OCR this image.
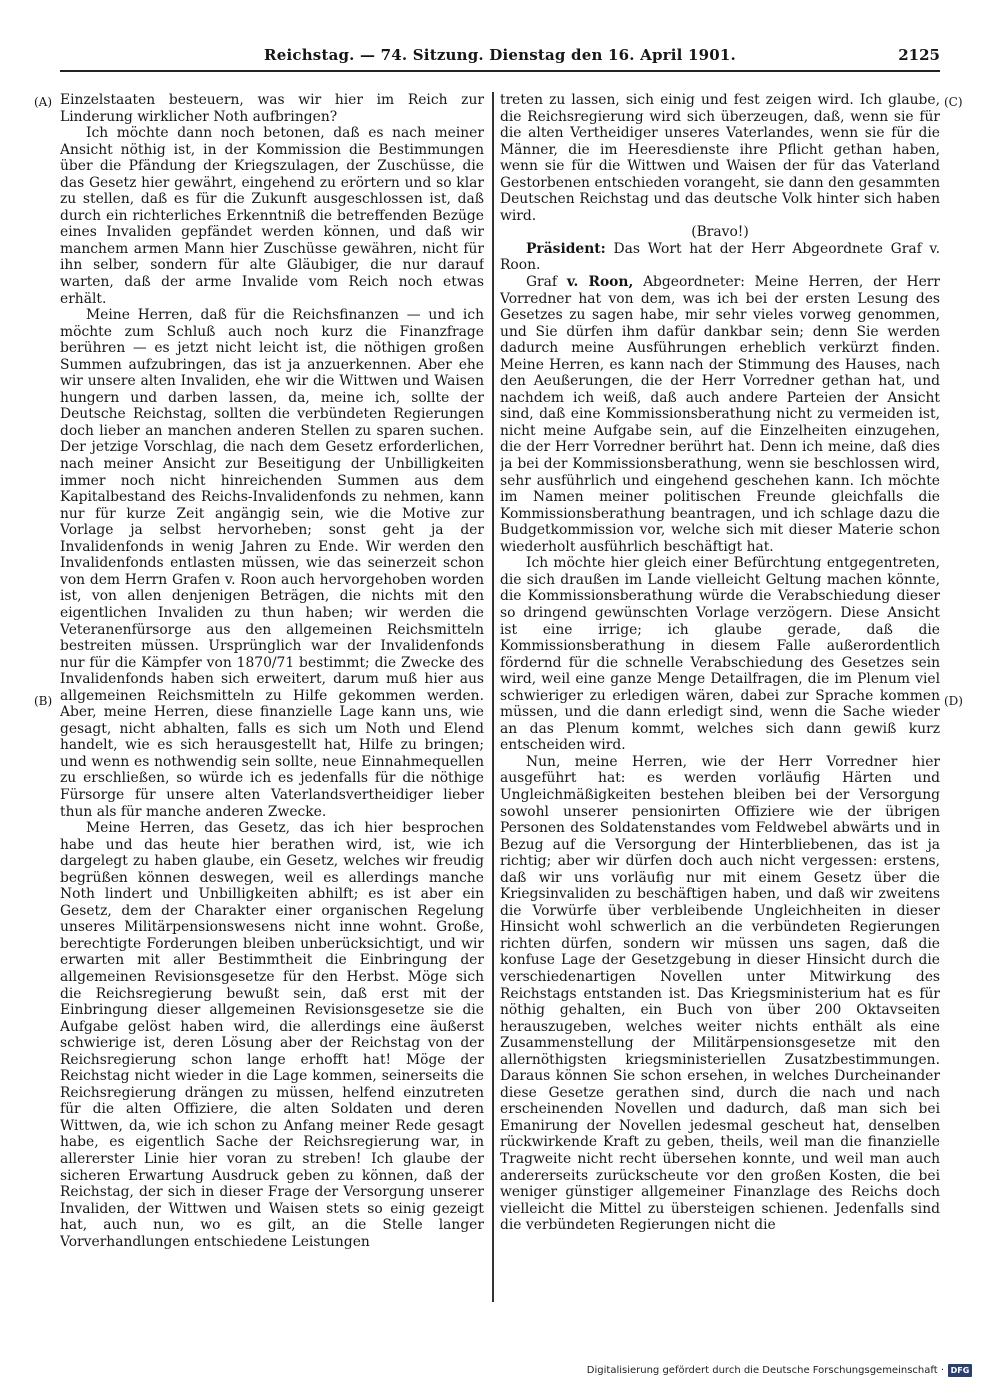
Reichstag. — 74. Sitzung. Dienstag den 16. April 1901.	2125
(A)
(B)
(C)
(D)

Einzelstaaten besteuern, was wir hier im Reich zur Linderung wirklicher Noth aufbringen?

Ich möchte dann noch betonen, daß es nach meiner Ansicht nöthig ist, in der Kommission die Bestimmungen über die Pfändung der Kriegszulagen, der Zuschüsse, die das Gesetz hier gewährt, eingehend zu erörtern und so klar zu stellen, daß es für die Zukunft ausgeschlossen ist, daß durch ein richterliches Erkenntniß die betreffenden Bezüge eines Invaliden gepfändet werden können, und daß wir manchem armen Mann hier Zuschüsse gewähren, nicht für ihn selber, sondern für alte Gläubiger, die nur darauf warten, daß der arme Invalide vom Reich noch etwas erhält.

Meine Herren, daß für die Reichsfinanzen — und ich möchte zum Schluß auch noch kurz die Finanzfrage berühren — es jetzt nicht leicht ist, die nöthigen großen Summen aufzubringen, das ist ja anzuerkennen. Aber ehe wir unsere alten Invaliden, ehe wir die Wittwen und Waisen hungern und darben lassen, da, meine ich, sollte der Deutsche Reichstag, sollten die verbündeten Regierungen doch lieber an manchen anderen Stellen zu sparen suchen. Der jetzige Vorschlag, die nach dem Gesetz erforderlichen, nach meiner Ansicht zur Beseitigung der Unbilligkeiten immer noch nicht hinreichenden Summen aus dem Kapitalbestand des Reichs-Invalidenfonds zu nehmen, kann nur für kurze Zeit angängig sein, wie die Motive zur Vorlage ja selbst hervorheben; sonst geht ja der Invalidenfonds in wenig Jahren zu Ende. Wir werden den Invalidenfonds entlasten müssen, wie das seinerzeit schon von dem Herrn Grafen v. Roon auch hervorgehoben worden ist, von allen denjenigen Beträgen, die nichts mit den eigentlichen Invaliden zu thun haben; wir werden die Veteranenfürsorge aus den allgemeinen Reichsmitteln bestreiten müssen. Ursprünglich war der Invalidenfonds nur für die Kämpfer von 1870/71 bestimmt; die Zwecke des Invalidenfonds haben sich erweitert, darum muß hier aus allgemeinen Reichsmitteln zu Hilfe gekommen werden. Aber, meine Herren, diese finanzielle Lage kann uns, wie gesagt, nicht abhalten, falls es sich um Noth und Elend handelt, wie es sich herausgestellt hat, Hilfe zu bringen; und wenn es nothwendig sein sollte, neue Einnahmequellen zu erschließen, so würde ich es jedenfalls für die nöthige Fürsorge für unsere alten Vaterlandsvertheidiger lieber thun als für manche anderen Zwecke.

Meine Herren, das Gesetz, das ich hier besprochen habe und das heute hier berathen wird, ist, wie ich dargelegt zu haben glaube, ein Gesetz, welches wir freudig begrüßen können deswegen, weil es allerdings manche Noth lindert und Unbilligkeiten abhilft; es ist aber ein Gesetz, dem der Charakter einer organischen Regelung unseres Militärpensionswesens nicht inne wohnt. Große, berechtigte Forderungen bleiben unberücksichtigt, und wir erwarten mit aller Bestimmtheit die Einbringung der allgemeinen Revisionsgesetze für den Herbst. Möge sich die Reichsregierung bewußt sein, daß erst mit der Einbringung dieser allgemeinen Revisionsgesetze sie die Aufgabe gelöst haben wird, die allerdings eine äußerst schwierige ist, deren Lösung aber der Reichstag von der Reichsregierung schon lange erhofft hat! Möge der Reichstag nicht wieder in die Lage kommen, seinerseits die Reichsregierung drängen zu müssen, helfend einzutreten für die alten Offiziere, die alten Soldaten und deren Wittwen, da, wie ich schon zu Anfang meiner Rede gesagt habe, es eigentlich Sache der Reichsregierung war, in allererster Linie hier voran zu streben! Ich glaube der sicheren Erwartung Ausdruck geben zu können, daß der Reichstag, der sich in dieser Frage der Versorgung unserer Invaliden, der Wittwen und Waisen stets so einig gezeigt hat, auch nun, wo es gilt, an die Stelle langer Vorverhandlungen entschiedene Leistungen

treten zu lassen, sich einig und fest zeigen wird. Ich glaube, die Reichsregierung wird sich überzeugen, daß, wenn sie für die alten Vertheidiger unseres Vaterlandes, wenn sie für die Männer, die im Heeresdienste ihre Pflicht gethan haben, wenn sie für die Wittwen und Waisen der für das Vaterland Gestorbenen entschieden vorangeht, sie dann den gesammten Deutschen Reichstag und das deutsche Volk hinter sich haben wird.

(Bravo!)

Präsident: Das Wort hat der Herr Abgeordnete Graf v. Roon.

Graf v. Roon, Abgeordneter: Meine Herren, der Herr Vorredner hat von dem, was ich bei der ersten Lesung des Gesetzes zu sagen habe, mir sehr vieles vorweg genommen, und Sie dürfen ihm dafür dankbar sein; denn Sie werden dadurch meine Ausführungen erheblich verkürzt finden. Meine Herren, es kann nach der Stimmung des Hauses, nach den Aeußerungen, die der Herr Vorredner gethan hat, und nachdem ich weiß, daß auch andere Parteien der Ansicht sind, daß eine Kommissionsberathung nicht zu vermeiden ist, nicht meine Aufgabe sein, auf die Einzelheiten einzugehen, die der Herr Vorredner berührt hat. Denn ich meine, daß dies ja bei der Kommissionsberathung, wenn sie beschlossen wird, sehr ausführlich und eingehend geschehen kann. Ich möchte im Namen meiner politischen Freunde gleichfalls die Kommissionsberathung beantragen, und ich schlage dazu die Budgetkommission vor, welche sich mit dieser Materie schon wiederholt ausführlich beschäftigt hat.

Ich möchte hier gleich einer Befürchtung entgegentreten, die sich draußen im Lande vielleicht Geltung machen könnte, die Kommissionsberathung würde die Verabschiedung dieser so dringend gewünschten Vorlage verzögern. Diese Ansicht ist eine irrige; ich glaube gerade, daß die Kommissionsberathung in diesem Falle außerordentlich fördernd für die schnelle Verabschiedung des Gesetzes sein wird, weil eine ganze Menge Detailfragen, die im Plenum viel schwieriger zu erledigen wären, dabei zur Sprache kommen müssen, und die dann erledigt sind, wenn die Sache wieder an das Plenum kommt, welches sich dann gewiß kurz entscheiden wird.

Nun, meine Herren, wie der Herr Vorredner hier ausgeführt hat: es werden vorläufig Härten und Ungleichmäßigkeiten bestehen bleiben bei der Versorgung sowohl unserer pensionirten Offiziere wie der übrigen Personen des Soldatenstandes vom Feldwebel abwärts und in Bezug auf die Versorgung der Hinterbliebenen, das ist ja richtig; aber wir dürfen doch auch nicht vergessen: erstens, daß wir uns vorläufig nur mit einem Gesetz über die Kriegsinvaliden zu beschäftigen haben, und daß wir zweitens die Vorwürfe über verbleibende Ungleichheiten in dieser Hinsicht wohl schwerlich an die verbündeten Regierungen richten dürfen, sondern wir müssen uns sagen, daß die konfuse Lage der Gesetzgebung in dieser Hinsicht durch die verschiedenartigen Novellen unter Mitwirkung des Reichstags entstanden ist. Das Kriegsministerium hat es für nöthig gehalten, ein Buch von über 200 Oktavseiten herauszugeben, welches weiter nichts enthält als eine Zusammenstellung der Militärpensionsgesetze mit den allernöthigsten kriegsministeriellen Zusatzbestimmungen. Daraus können Sie schon ersehen, in welches Durcheinander diese Gesetze gerathen sind, durch die nach und nach erscheinenden Novellen und dadurch, daß man sich bei Emanirung der Novellen jedesmal gescheut hat, denselben rückwirkende Kraft zu geben, theils, weil man die finanzielle Tragweite nicht recht übersehen konnte, und weil man auch andererseits zurückscheute vor den großen Kosten, die bei weniger günstiger allgemeiner Finanzlage des Reichs doch vielleicht die Mittel zu übersteigen schienen. Jedenfalls sind die verbündeten Regierungen nicht die

Digitalisierung gefördert durch die Deutsche Forschungsgemeinschaft · DFG
